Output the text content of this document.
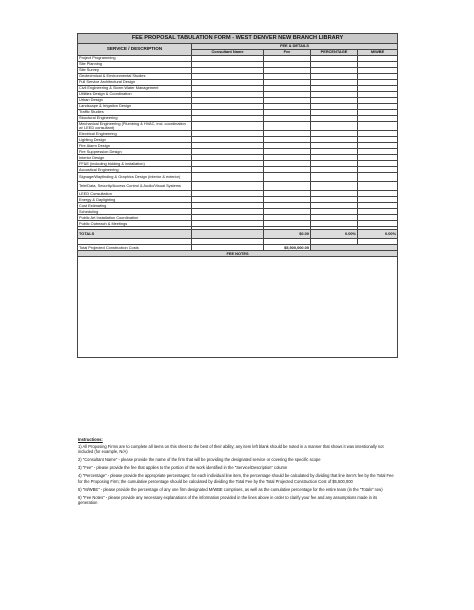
FEE PROPOSAL TABULATION FORM - WEST DENVER NEW BRANCH LIBRARY				
SERVICE / DESCRIPTION	FEE & DETAILS			
	Consultant Name	Fee	PERCENTAGE	M/WBE
Project Programming				
Site Planning				
Site Survey				
Geotechnical & Environmental Studies				
Full Service Architectural Design				
Civil Engineering & Storm Water Management				
Utilities Design & Coordination				
Urban Design				
Landscape & Irrigation Design				
Traffic Studies				
Structural Engineering				
Mechanical Engineering (Plumbing & HVAC, incl. coordination w/ LEED consultant)				
Electrical Engineering				
Lighting Design				
Fire Alarm Design				
Fire Suppression Design				
Interior Design				
FF&E (including bidding & installation)				
Acoustical Engineering				
Signage/Wayfinding & Graphics Design (interior & exterior)				
Tele/Data, Security/Access Control & Audio/Visual Systems				
LEED Consultation				
Energy & Daylighting				
Cost Estimating				
Scheduling				
Public Art Installation Coordination				
Public Outreach & Meetings				

TOTALS		$0.00	0.00%	0.00%

Total Projected Construction Costs		$5,500,000.00		
FEE NOTES				

Instructions:

1) All Proposing Firms are to complete all items on this sheet to the best of their ability; any item left blank should be noted in a manner that shows it was intentionally not included (for example, N/A)

2) "Consultant Name" - please provide the name of the firm that will be providing the designated service or covering the specific scope

3) "Fee" - please provide the fee that applies to the portion of the work identified in the "Service/Description" column

4) "Percentage" - please provide the appropriate percentages; for each individual line item, the percentage should be calculated by dividing that line item's fee by the Total Fee for the Proposing Firm; the cumulative percentage should be calculated by dividing the Total Fee by the Total Projected Construction Cost of $5,500,000

5) "M/WBE" - please provide the percentage of any one firm designated M/WBE comprises, as well as the cumulative percentage for the entire team (in the "Totals" row)

6) "Fee Notes" - please provide any necessary explanations of the information provided in the lines above in order to clarify your fee and any assumptions made in its generation
